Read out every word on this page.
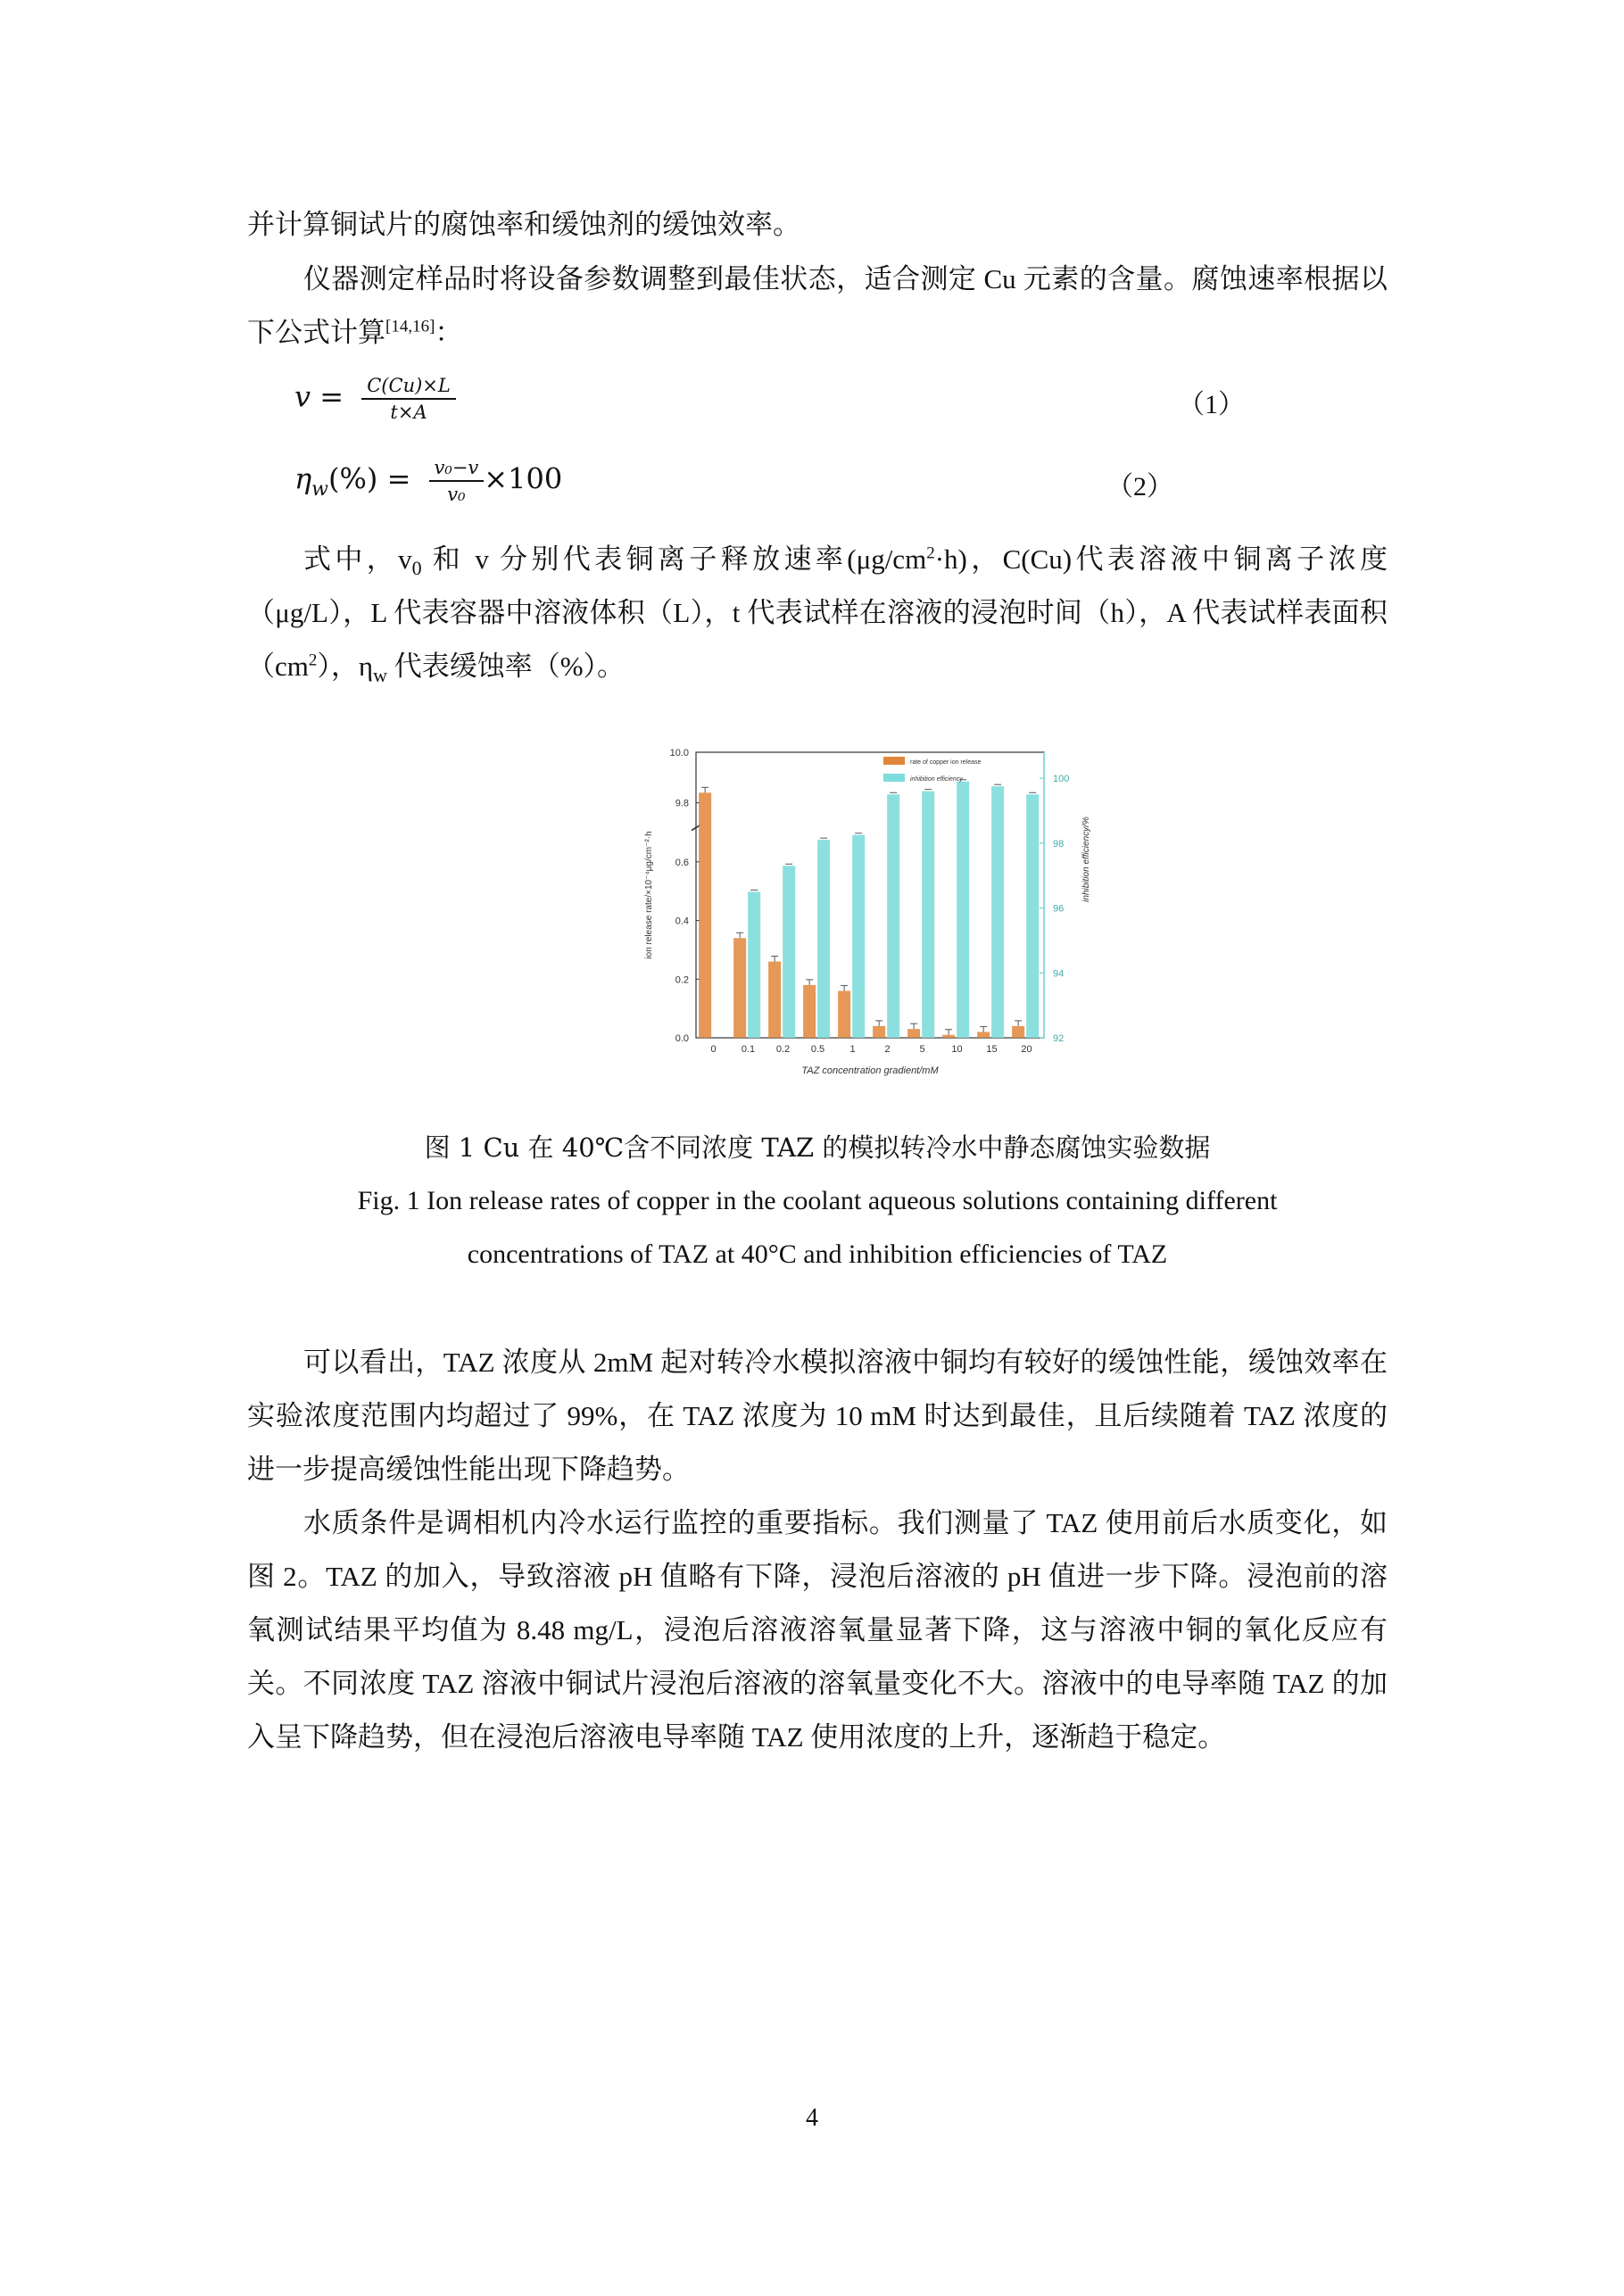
并计算铜试片的腐蚀率和缓蚀剂的缓蚀效率。

仪器测定样品时将设备参数调整到最佳状态，适合测定 Cu 元素的含量。腐蚀速率根据以下公式计算[14,16]：

$v = \frac{C(Cu)\times L}{t\times A}$	（1）
$\eta_w(\%) = \frac{\text{v₀−v}}{\text{v₀}} \times 100$	（2）

式中，$v_0$ 和 v 分别代表铜离子释放速率$(\mu g/cm^2\cdot h)$，C(Cu)代表溶液中铜离子浓度（μg/L），L 代表容器中溶液体积（L），t 代表试样在溶液的浸泡时间（h），A 代表试样表面积$(cm^2)$，$\eta_w$ 代表缓蚀率（%）。

0.0
0.2
0.4
0.6
9.8
10.0
92
94
96
98
100
0	0.1 0.2 0.5	1	2	5	10 15 20
TAZ concentration gradient/mM
ion release rate/×10⁻⁴μg/cm⁻²·h	inhibition efficiency/%
rate of copper ion release
inhibition efficiency
图 1 Cu 在 40℃含不同浓度 TAZ 的模拟转冷水中静态腐蚀实验数据
Fig. 1 Ion release rates of copper in the coolant aqueous solutions containing different
concentrations of TAZ at 40°C and inhibition efficiencies of TAZ

可以看出，TAZ 浓度从 2mM 起对转冷水模拟溶液中铜均有较好的缓蚀性能，缓蚀效率在实验浓度范围内均超过了 99%，在 TAZ 浓度为 10 mM 时达到最佳，且后续随着 TAZ 浓度的进一步提高缓蚀性能出现下降趋势。

水质条件是调相机内冷水运行监控的重要指标。我们测量了 TAZ 使用前后水质变化，如图 2。TAZ 的加入，导致溶液 pH 值略有下降，浸泡后溶液的 pH 值进一步下降。浸泡前的溶氧测试结果平均值为 8.48 mg/L，浸泡后溶液溶氧量显著下降，这与溶液中铜的氧化反应有关。不同浓度 TAZ 溶液中铜试片浸泡后溶液的溶氧量变化不大。溶液中的电导率随 TAZ 的加入呈下降趋势，但在浸泡后溶液电导率随 TAZ 使用浓度的上升，逐渐趋于稳定。

4
